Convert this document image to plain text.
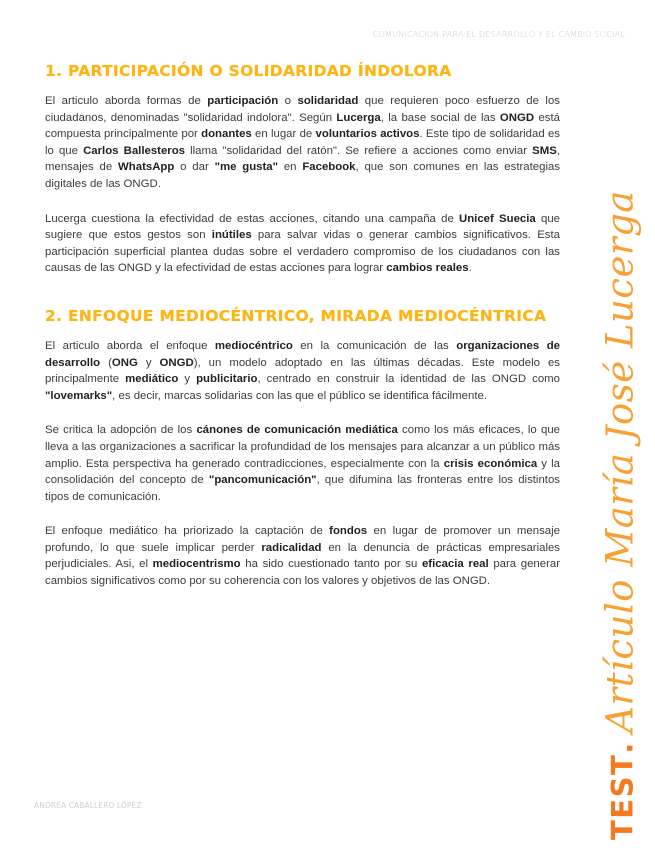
COMUNICACION PARA EL DESARROLLO Y EL CAMBIO SOCIAL
1. PARTICIPACIÓN O SOLIDARIDAD ÍNDOLORA

El articulo aborda formas de participación o solidaridad que requieren poco esfuerzo de los ciudadanos, denominadas "solidaridad indolora". Según Lucerga, la base social de las ONGD está compuesta principalmente por donantes en lugar de voluntarios activos. Este tipo de solidaridad es lo que Carlos Ballesteros llama "solidaridad del ratón". Se refiere a acciones como enviar SMS, mensajes de WhatsApp o dar "me gusta" en Facebook, que son comunes en las estrategias digitales de las ONGD.

Lucerga cuestiona la efectividad de estas acciones, citando una campaña de Unicef Suecia que sugiere que estos gestos son inútiles para salvar vidas o generar cambios significativos. Esta participación superficial plantea dudas sobre el verdadero compromiso de los ciudadanos con las causas de las ONGD y la efectividad de estas acciones para lograr cambios reales.

2. ENFOQUE MEDIOCÉNTRICO, MIRADA MEDIOCÉNTRICA

El articulo aborda el enfoque mediocéntrico en la comunicación de las organizaciones de desarrollo (ONG y ONGD), un modelo adoptado en las últimas décadas. Este modelo es principalmente mediático y publicitario, centrado en construir la identidad de las ONGD como "lovemarks", es decir, marcas solidarias con las que el público se identifica fácilmente.

Se critica la adopción de los cánones de comunicación mediática como los más eficaces, lo que lleva a las organizaciones a sacrificar la profundidad de los mensajes para alcanzar a un público más amplio. Esta perspectiva ha generado contradicciones, especialmente con la crisis económica y la consolidación del concepto de "pancomunicación", que difumina las fronteras entre los distintos tipos de comunicación.

El enfoque mediático ha priorizado la captación de fondos en lugar de promover un mensaje profundo, lo que suele implicar perder radicalidad en la denuncia de prácticas empresariales perjudiciales. Asi, el mediocentrismo ha sido cuestionado tanto por su eficacia real para generar cambios significativos como por su coherencia con los valores y objetivos de las ONGD.

TEST
.
Artículo María José Lucerga
ANDREA CABALLERO LÓPEZ
